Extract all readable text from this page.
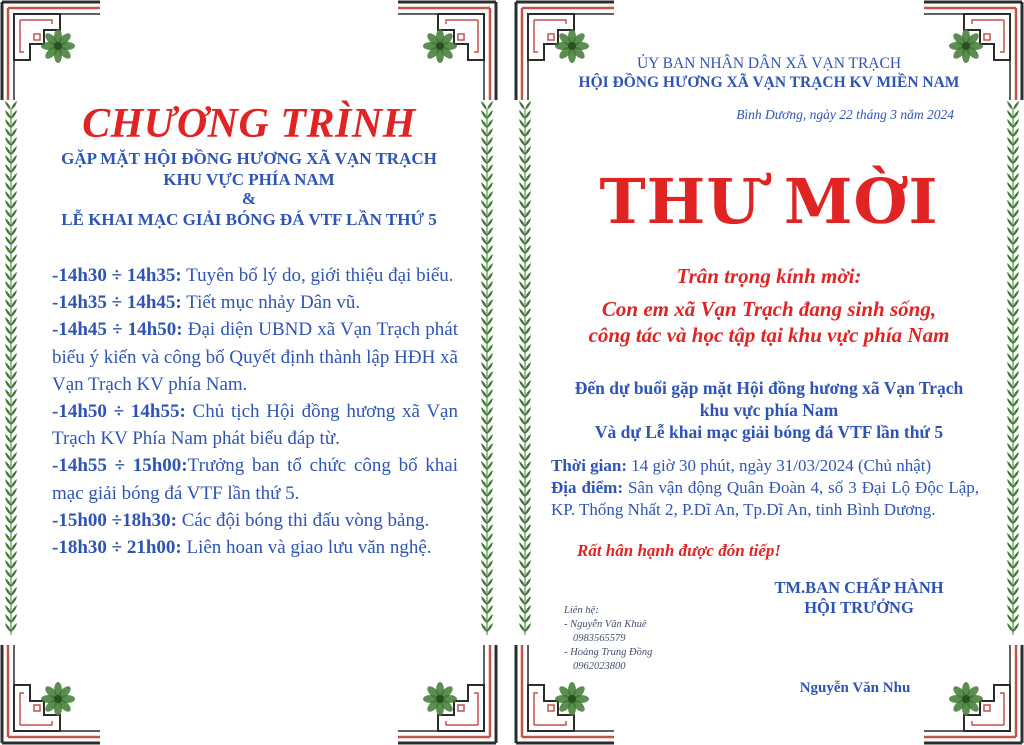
CHƯƠNG TRÌNH
GẶP MẶT HỘI ĐỒNG HƯƠNG XÃ VẠN TRẠCH
KHU VỰC PHÍA NAM
&
LỄ KHAI MẠC GIẢI BÓNG ĐÁ VTF LẦN THỨ 5

-14h30 ÷ 14h35: Tuyên bố lý do, giới thiệu đại biểu.

-14h35 ÷ 14h45: Tiết mục nhảy Dân vũ.

-14h45 ÷ 14h50: Đại diện UBND xã Vạn Trạch phát biểu ý kiến và công bố Quyết định thành lập HĐH xã Vạn Trạch KV phía Nam.

-14h50 ÷ 14h55: Chủ tịch Hội đồng hương xã Vạn Trạch KV Phía Nam phát biểu đáp từ.

-14h55 ÷ 15h00:Trưởng ban tổ chức công bố khai mạc giải bóng đá VTF lần thứ 5.

-15h00 ÷18h30: Các đội bóng thi đấu vòng bảng.

-18h30 ÷ 21h00: Liên hoan và giao lưu văn nghệ.

ỦY BAN NHÂN DÂN XÃ VẠN TRẠCH
HỘI ĐỒNG HƯƠNG XÃ VẠN TRẠCH KV MIỀN NAM
Bình Dương, ngày 22 tháng 3 năm 2024
THƯ MỜI
Trân trọng kính mời:
Con em xã Vạn Trạch đang sinh sống,
công tác và học tập tại khu vực phía Nam
Đến dự buổi gặp mặt Hội đồng hương xã Vạn Trạch
khu vực phía Nam
Và dự Lễ khai mạc giải bóng đá VTF lần thứ 5

Thời gian: 14 giờ 30 phút, ngày 31/03/2024 (Chủ nhật)

Địa điểm: Sân vận động Quân Đoàn 4, số 3 Đại Lộ Độc Lập, KP. Thống Nhất 2, P.Dĩ An, Tp.Dĩ An, tinh Bình Dương.

Rất hân hạnh được đón tiếp!
TM.BAN CHẤP HÀNH
HỘI TRƯỞNG
Nguyễn Văn Nhu

Liên hệ:

- Nguyễn Văn Khuê

0983565579

- Hoàng Trung Đồng

0962023800
